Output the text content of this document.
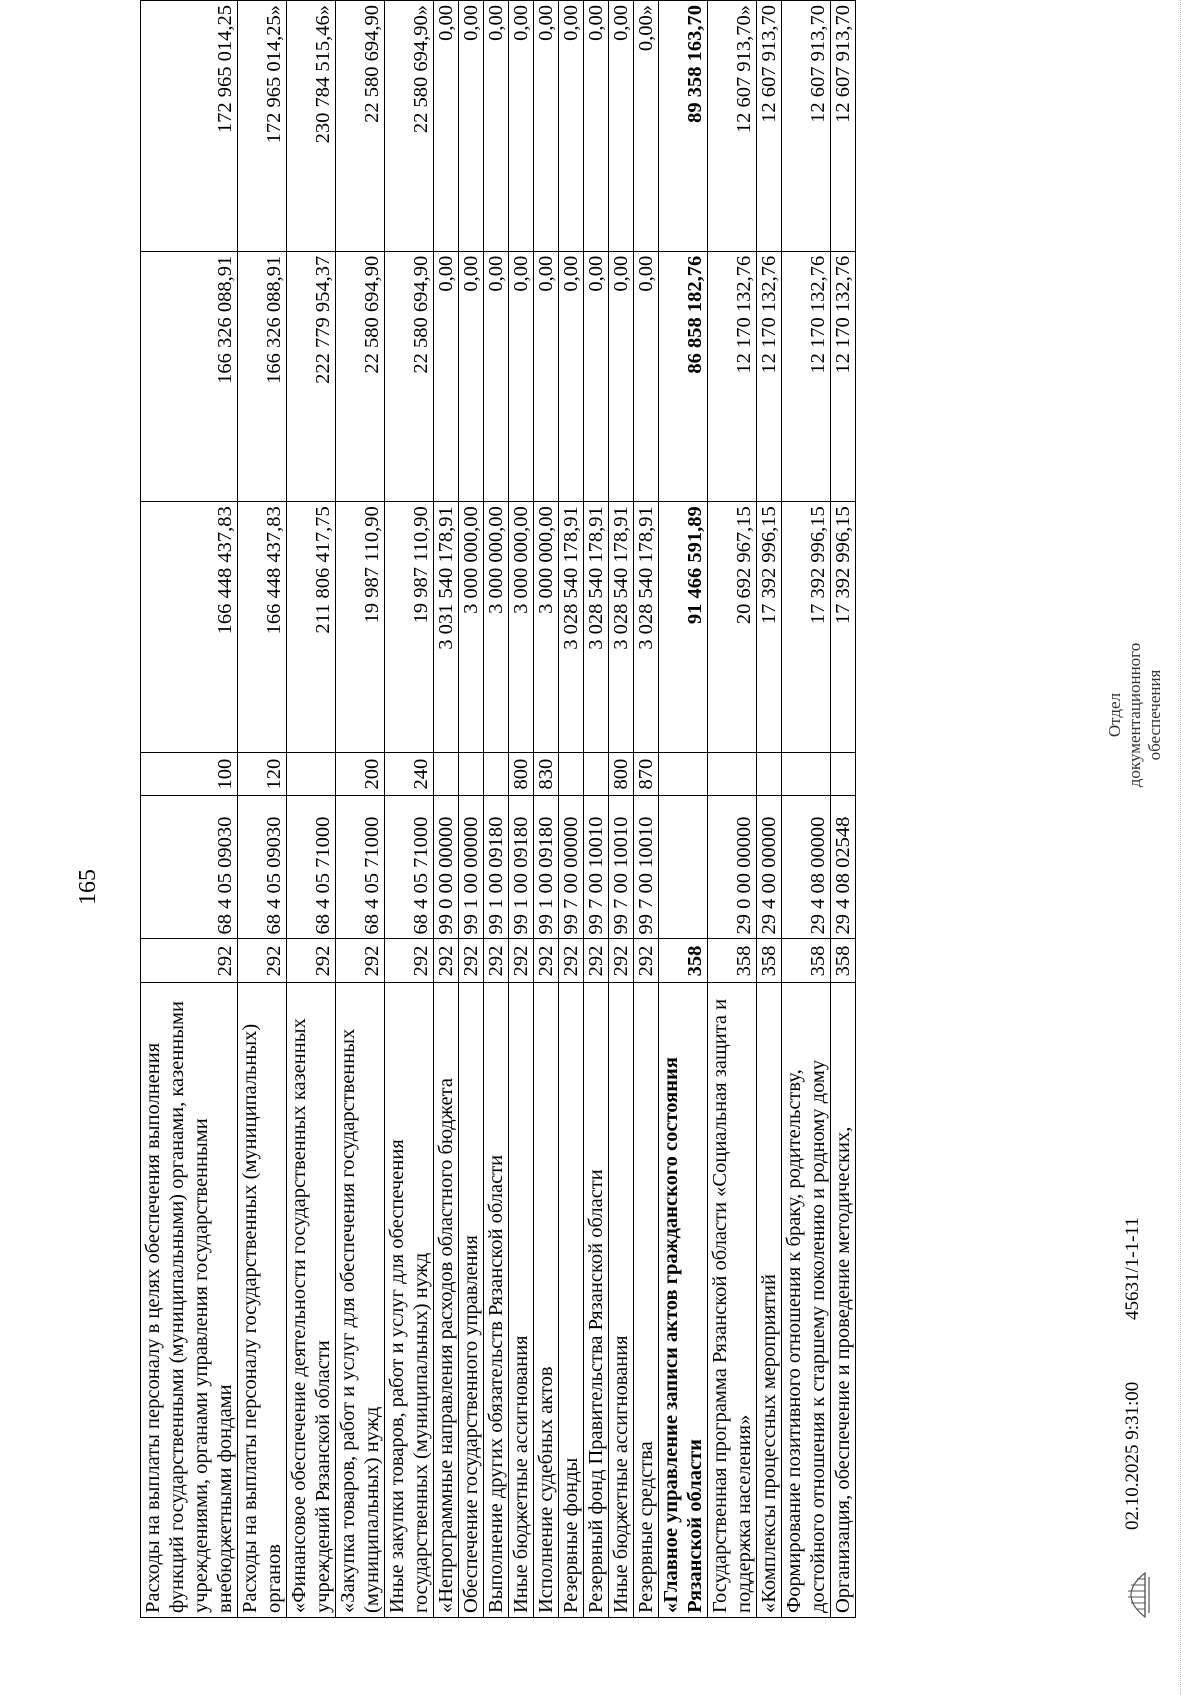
165
Расходы на выплаты персоналу в целях обеспечения выполнения функций государственными (муниципальными) органами, казенными учреждениями, органами управления государственными внебюджетными фондами	292	68 4 05 09030	100	166 448 437,83	166 326 088,91	172 965 014,25
Расходы на выплаты персоналу государственных (муниципальных) органов	292	68 4 05 09030	120	166 448 437,83	166 326 088,91	172 965 014,25»
«Финансовое обеспечение деятельности государственных казенных учреждений Рязанской области	292	68 4 05 71000		211 806 417,75	222 779 954,37	230 784 515,46»
«Закупка товаров, работ и услуг для обеспечения государственных (муниципальных) нужд	292	68 4 05 71000	200	19 987 110,90	22 580 694,90	22 580 694,90
Иные закупки товаров, работ и услуг для обеспечения государственных (муниципальных) нужд	292	68 4 05 71000	240	19 987 110,90	22 580 694,90	22 580 694,90»
«Непрограммные направления расходов областного бюджета	292	99 0 00 00000		3 031 540 178,91	0,00	0,00
Обеспечение государственного управления	292	99 1 00 00000		3 000 000,00	0,00	0,00
Выполнение других обязательств Рязанской области	292	99 1 00 09180		3 000 000,00	0,00	0,00
Иные бюджетные ассигнования	292	99 1 00 09180	800	3 000 000,00	0,00	0,00
Исполнение судебных актов	292	99 1 00 09180	830	3 000 000,00	0,00	0,00
Резервные фонды	292	99 7 00 00000		3 028 540 178,91	0,00	0,00
Резервный фонд Правительства Рязанской области	292	99 7 00 10010		3 028 540 178,91	0,00	0,00
Иные бюджетные ассигнования	292	99 7 00 10010	800	3 028 540 178,91	0,00	0,00
Резервные средства	292	99 7 00 10010	870	3 028 540 178,91	0,00	0,00»
«Главное управление записи актов гражданского состояния Рязанской области	358			91 466 591,89	86 858 182,76	89 358 163,70
Государственная программа Рязанской области «Социальная защита и поддержка населения»	358	29 0 00 00000		20 692 967,15	12 170 132,76	12 607 913,70»
«Комплексы процессных мероприятий	358	29 4 00 00000		17 392 996,15	12 170 132,76	12 607 913,70
Формирование позитивного отношения к браку, родительству, достойного отношения к старшему поколению и родному дому	358	29 4 08 00000		17 392 996,15	12 170 132,76	12 607 913,70
Организация, обеспечение и проведение методических,	358	29 4 08 02548		17 392 996,15	12 170 132,76	12 607 913,70
02.10.2025 9:31:00
45631/1-1-11
Отдел документационного обеспечения
